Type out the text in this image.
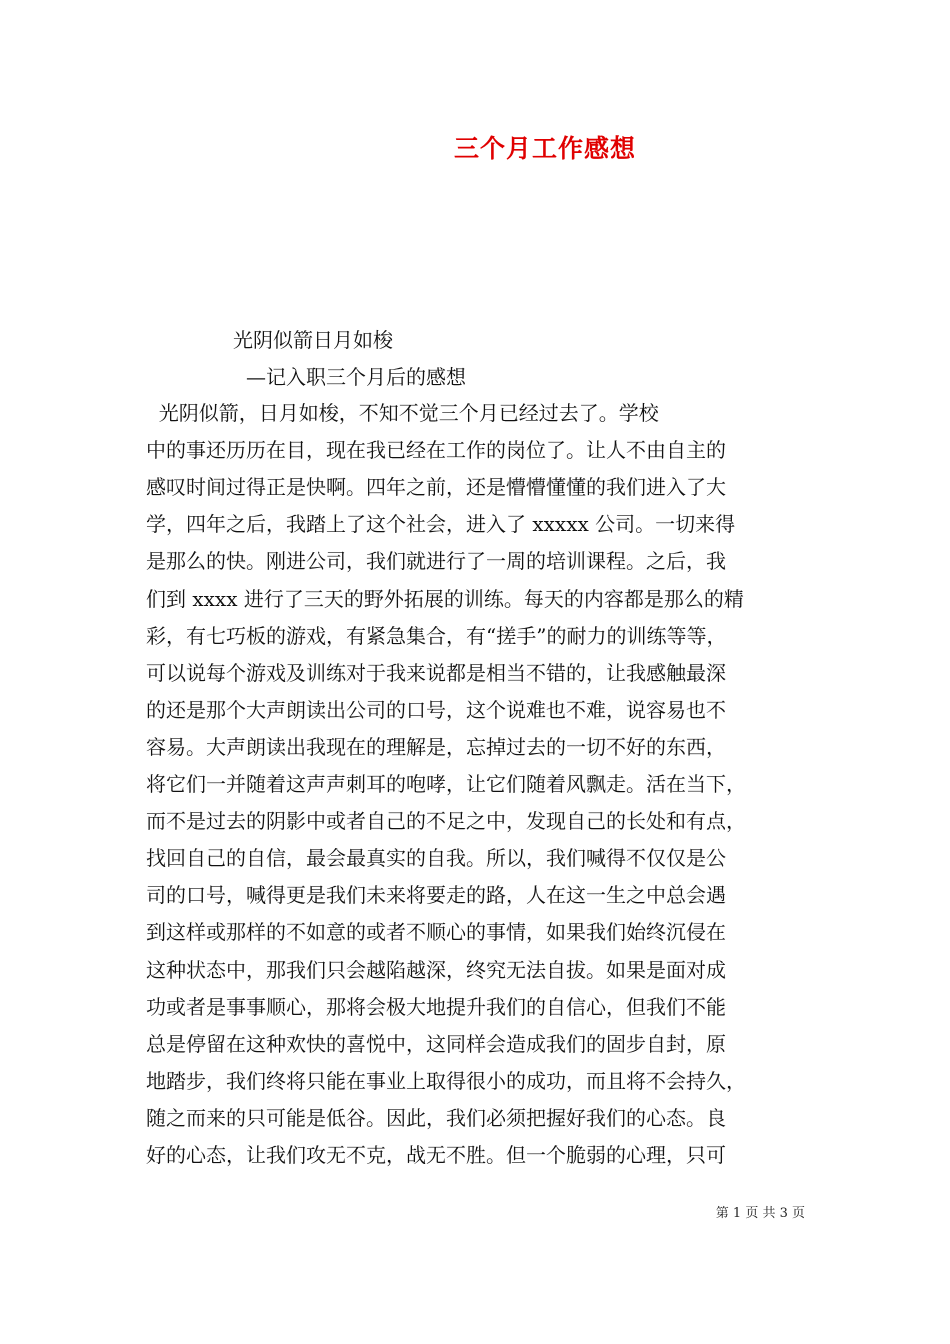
三个月工作感想
光阴似箭日月如梭
—记入职三个月后的感想
光阴似箭，日月如梭，不知不觉三个月已经过去了。学校
中的事还历历在目，现在我已经在工作的岗位了。让人不由自主的
感叹时间过得正是快啊。四年之前，还是懵懵懂懂的我们进入了大
学，四年之后，我踏上了这个社会，进入了 xxxxx 公司。一切来得
是那么的快。刚进公司，我们就进行了一周的培训课程。之后，我
们到 xxxx 进行了三天的野外拓展的训练。每天的内容都是那么的精
彩，有七巧板的游戏，有紧急集合，有“搓手”的耐力的训练等等，
可以说每个游戏及训练对于我来说都是相当不错的，让我感触最深
的还是那个大声朗读出公司的口号，这个说难也不难，说容易也不
容易。大声朗读出我现在的理解是，忘掉过去的一切不好的东西，
将它们一并随着这声声刺耳的咆哮，让它们随着风飘走。活在当下，
而不是过去的阴影中或者自己的不足之中，发现自己的长处和有点，
找回自己的自信，最会最真实的自我。所以，我们喊得不仅仅是公
司的口号，喊得更是我们未来将要走的路，人在这一生之中总会遇
到这样或那样的不如意的或者不顺心的事情，如果我们始终沉侵在
这种状态中，那我们只会越陷越深，终究无法自拔。如果是面对成
功或者是事事顺心，那将会极大地提升我们的自信心，但我们不能
总是停留在这种欢快的喜悦中，这同样会造成我们的固步自封，原
地踏步，我们终将只能在事业上取得很小的成功，而且将不会持久，
随之而来的只可能是低谷。因此，我们必须把握好我们的心态。良
好的心态，让我们攻无不克，战无不胜。但一个脆弱的心理，只可
第 1 页 共 3 页
